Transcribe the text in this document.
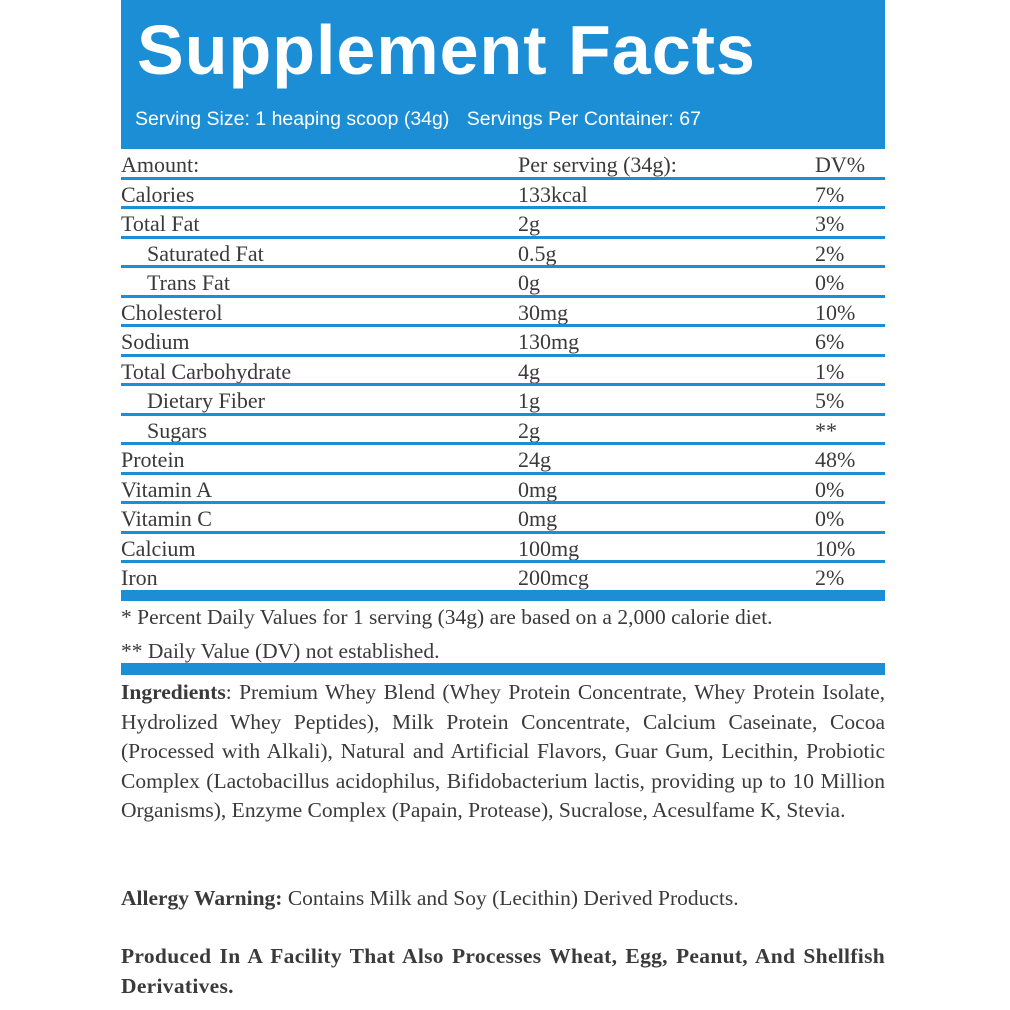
Supplement Facts
Serving Size: 1 heaping scoop (34g) Servings Per Container: 67
Amount:	Per serving (34g):	DV%
Calories	133kcal	7%
Total Fat	2g	3%
Saturated Fat	0.5g	2%
Trans Fat	0g	0%
Cholesterol	30mg	10%
Sodium	130mg	6%
Total Carbohydrate	4g	1%
Dietary Fiber	1g	5%
Sugars	2g	**
Protein	24g	48%
Vitamin A	0mg	0%
Vitamin C	0mg	0%
Calcium	100mg	10%
Iron	200mcg	2%
* Percent Daily Values for 1 serving (34g) are based on a 2,000 calorie diet.
** Daily Value (DV) not established.
Ingredients: Premium Whey Blend (Whey Protein Concentrate, Whey Protein Isolate, Hydrolized Whey Peptides), Milk Protein Concentrate, Calcium Caseinate, Cocoa (Processed with Alkali), Natural and Artificial Flavors, Guar Gum, Lecithin, Probiotic Complex (Lactobacillus acidophilus, Bifidobacterium lactis, providing up to 10 Million Organisms), Enzyme Complex (Papain, Protease), Sucralose, Acesulfame K, Stevia.
Allergy Warning: Contains Milk and Soy (Lecithin) Derived Products.
Produced In A Facility That Also Processes Wheat, Egg, Peanut, And Shellfish Derivatives.
